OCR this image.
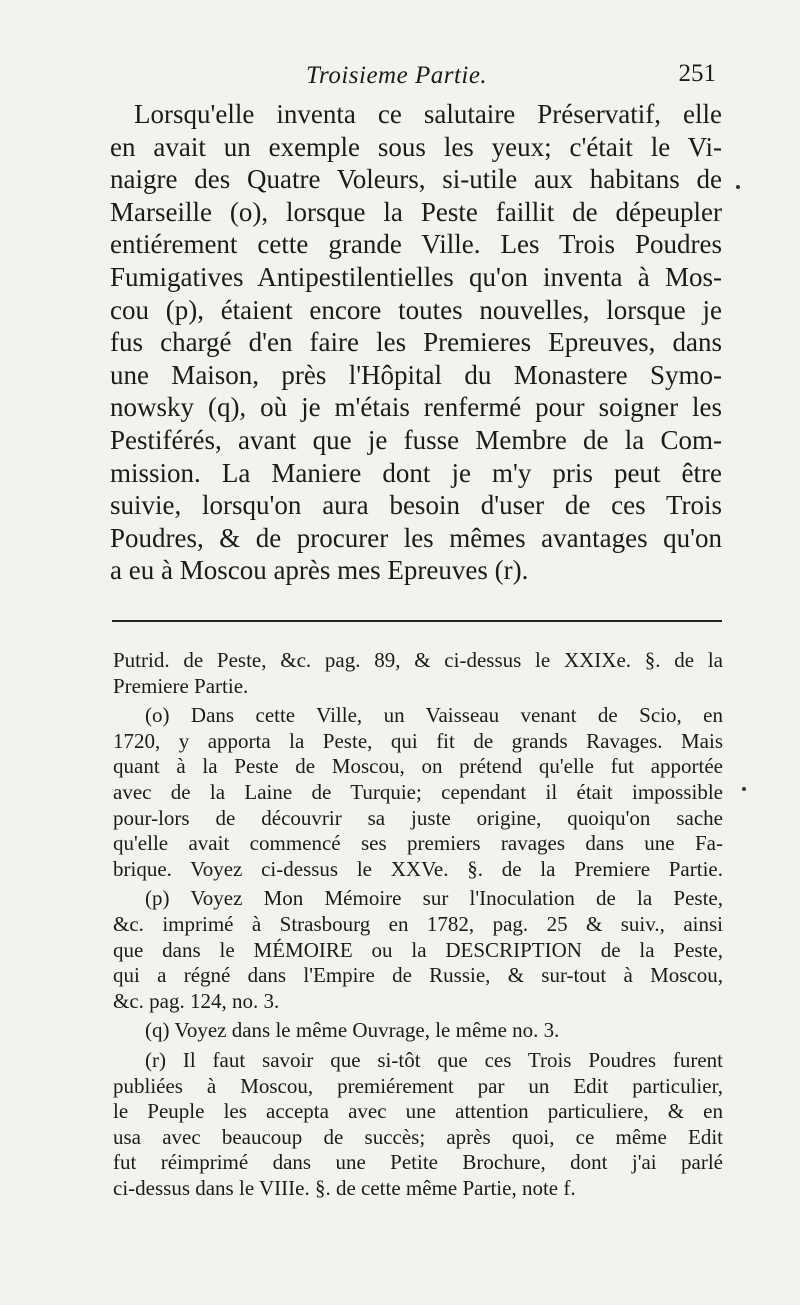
Troisieme Partie.	251
Lorsqu'elle inventa ce salutaire Préservatif, elle
en avait un exemple sous les yeux; c'était le Vi-
naigre des Quatre Voleurs, si-utile aux habitans de
Marseille (o), lorsque la Peste faillit de dépeupler
entiérement cette grande Ville. Les Trois Poudres
Fumigatives Antipestilentielles qu'on inventa à Mos-
cou (p), étaient encore toutes nouvelles, lorsque je
fus chargé d'en faire les Premieres Epreuves, dans
une Maison, près l'Hôpital du Monastere Symo-
nowsky (q), où je m'étais renfermé pour soigner les
Pestiférés, avant que je fusse Membre de la Com-
mission. La Maniere dont je m'y pris peut être
suivie, lorsqu'on aura besoin d'user de ces Trois
Poudres, & de procurer les mêmes avantages qu'on
a eu à Moscou après mes Epreuves (r).
Putrid. de Peste, &c. pag. 89, & ci-dessus le XXIXe. §. de la
Premiere Partie.
(o) Dans cette Ville, un Vaisseau venant de Scio, en
1720, y apporta la Peste, qui fit de grands Ravages. Mais
quant à la Peste de Moscou, on prétend qu'elle fut apportée
avec de la Laine de Turquie; cependant il était impossible
pour-lors de découvrir sa juste origine, quoiqu'on sache
qu'elle avait commencé ses premiers ravages dans une Fa-
brique. Voyez ci-dessus le XXVe. §. de la Premiere Partie.
(p) Voyez Mon Mémoire sur l'Inoculation de la Peste,
&c. imprimé à Strasbourg en 1782, pag. 25 & suiv., ainsi
que dans le MÉMOIRE ou la DESCRIPTION de la Peste,
qui a régné dans l'Empire de Russie, & sur-tout à Moscou,
&c. pag. 124, no. 3.
(q) Voyez dans le même Ouvrage, le même no. 3.
(r) Il faut savoir que si-tôt que ces Trois Poudres furent
publiées à Moscou, premiérement par un Edit particulier,
le Peuple les accepta avec une attention particuliere, & en
usa avec beaucoup de succès; après quoi, ce même Edit
fut réimprimé dans une Petite Brochure, dont j'ai parlé
ci-dessus dans le VIIIe. §. de cette même Partie, note f.
